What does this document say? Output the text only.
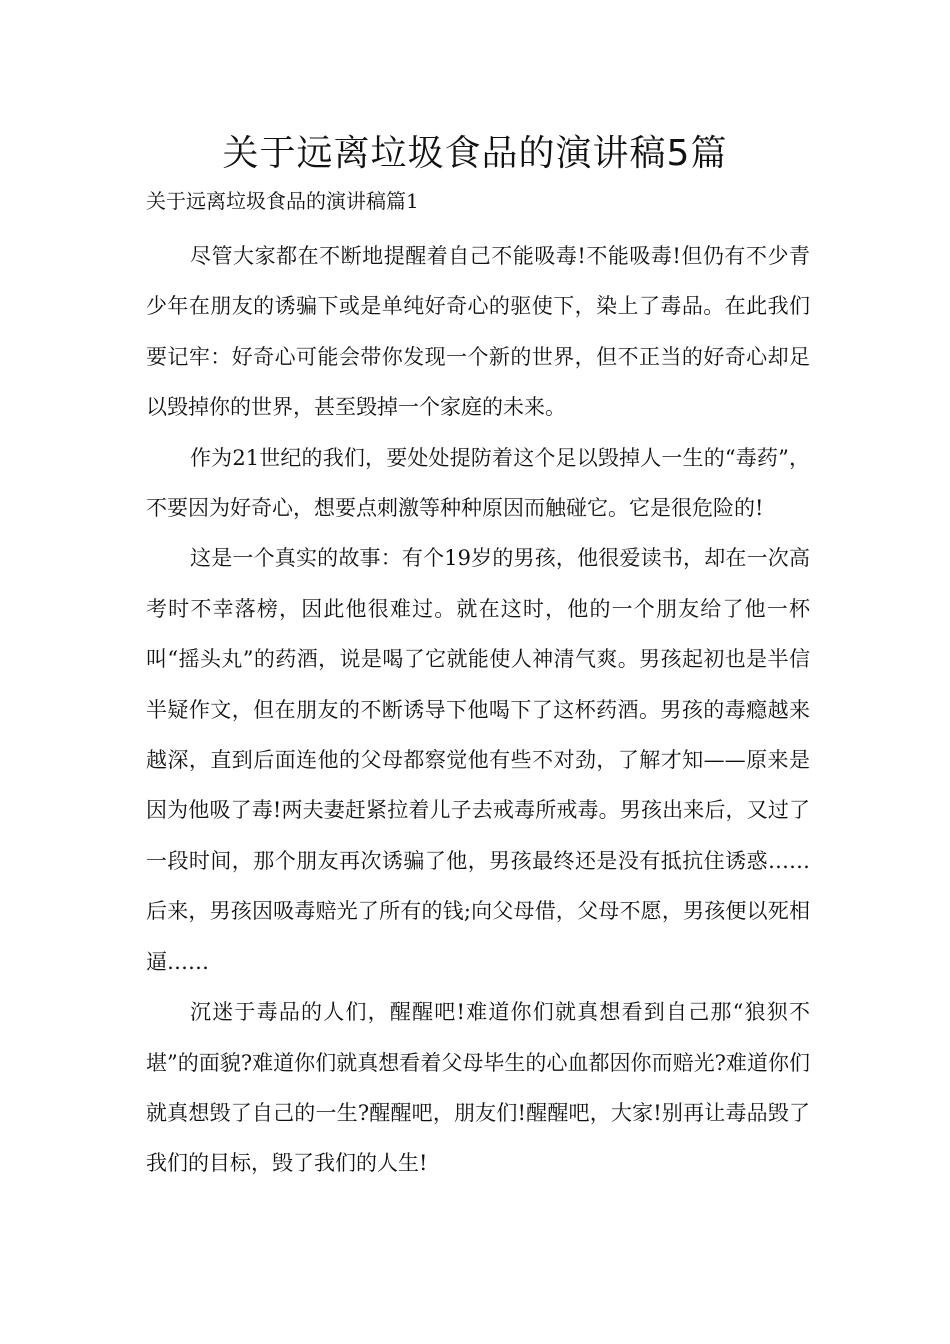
关于远离垃圾食品的演讲稿5篇
关于远离垃圾食品的演讲稿篇1

尽管大家都在不断地提醒着自己不能吸毒!不能吸毒!但仍有不少青少年在朋友的诱骗下或是单纯好奇心的驱使下，染上了毒品。在此我们要记牢：好奇心可能会带你发现一个新的世界，但不正当的好奇心却足以毁掉你的世界，甚至毁掉一个家庭的未来。

作为21世纪的我们，要处处提防着这个足以毁掉人一生的“毒药”，不要因为好奇心，想要点刺激等种种原因而触碰它。它是很危险的!

这是一个真实的故事：有个19岁的男孩，他很爱读书，却在一次高考时不幸落榜，因此他很难过。就在这时，他的一个朋友给了他一杯叫“摇头丸”的药酒，说是喝了它就能使人神清气爽。男孩起初也是半信半疑作文，但在朋友的不断诱导下他喝下了这杯药酒。男孩的毒瘾越来越深，直到后面连他的父母都察觉他有些不对劲，了解才知——原来是因为他吸了毒!两夫妻赶紧拉着儿子去戒毒所戒毒。男孩出来后，又过了一段时间，那个朋友再次诱骗了他，男孩最终还是没有抵抗住诱惑……后来，男孩因吸毒赔光了所有的钱;向父母借，父母不愿，男孩便以死相逼……

沉迷于毒品的人们，醒醒吧!难道你们就真想看到自己那“狼狈不堪”的面貌?难道你们就真想看着父母毕生的心血都因你而赔光?难道你们就真想毁了自己的一生?醒醒吧，朋友们!醒醒吧，大家!别再让毒品毁了我们的目标，毁了我们的人生!
